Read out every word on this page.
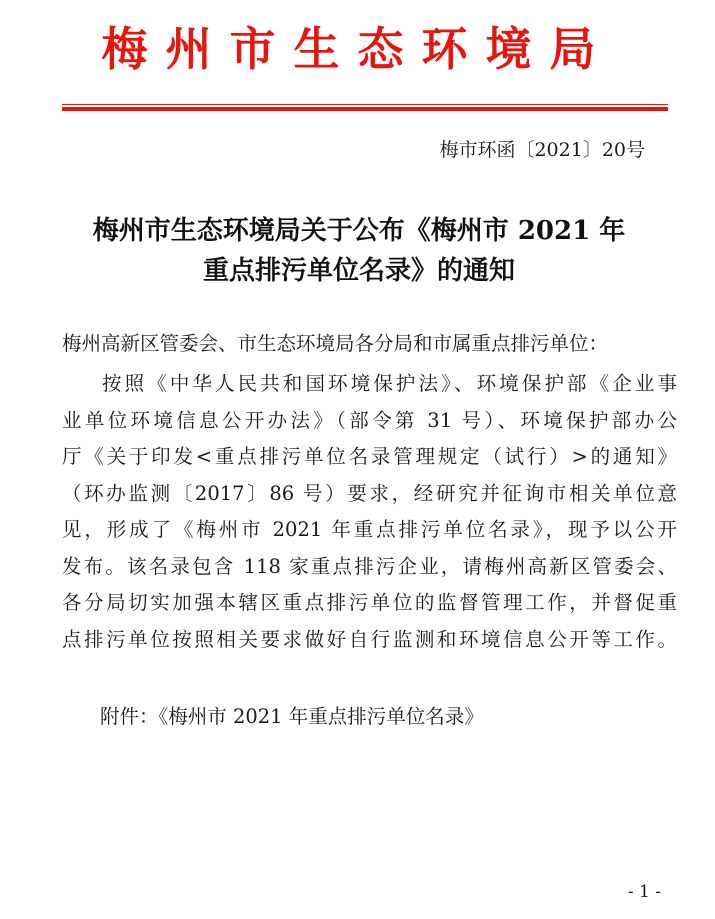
梅州市生态环境局
梅市环函〔2021〕20号
梅州市生态环境局关于公布《梅州市 2021 年
重点排污单位名录》的通知
梅州高新区管委会、市生态环境局各分局和市属重点排污单位：
按照《中华人民共和国环境保护法》、环境保护部《企业事
业单位环境信息公开办法》（部令第 31 号）、环境保护部办公
厅《关于印发<重点排污单位名录管理规定（试行）>的通知》
（环办监测〔2017〕86 号）要求，经研究并征询市相关单位意
见，形成了《梅州市 2021 年重点排污单位名录》，现予以公开
发布。该名录包含 118 家重点排污企业，请梅州高新区管委会、
各分局切实加强本辖区重点排污单位的监督管理工作，并督促重
点排污单位按照相关要求做好自行监测和环境信息公开等工作。
附件：《梅州市 2021 年重点排污单位名录》
- 1 -
